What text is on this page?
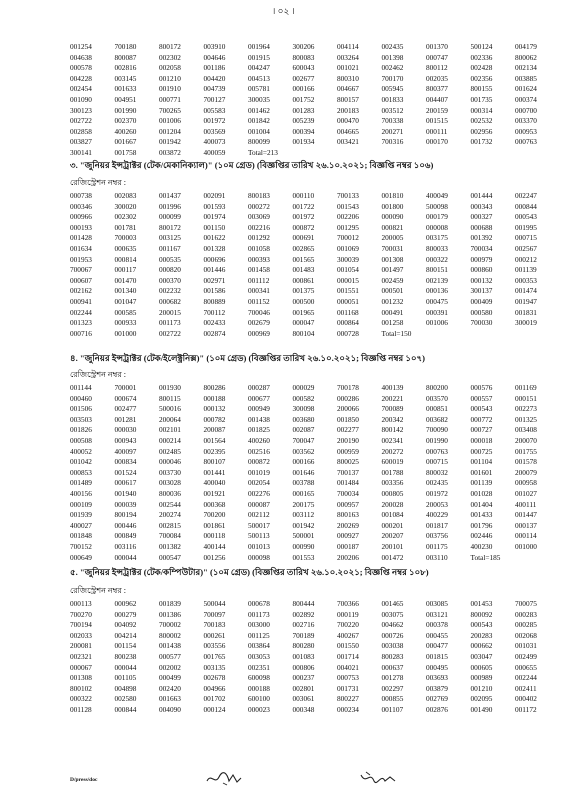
। ০২ ।
001254	700180	800172	003910	001964	300206	004114	002435	001370	500124	004179
004638	800087	002302	004646	001915	800083	003264	001398	000747	002336	800062
000578	002816	002058	001186	004247	600043	001021	002462	800112	002428	002134
004228	003145	001210	004420	004513	002677	800310	700170	002035	002356	003885
002454	001633	001910	004739	005781	000166	004667	005945	800377	800155	001624
001090	004951	000771	700127	300035	001752	800157	001833	004407	001735	000374
300123	001990	700265	005583	001462	001283	200183	003512	200159	000314	000700
002722	002370	001006	001972	001842	005239	000470	700338	001515	002532	003370
002858	400260	001204	003569	001004	000394	004665	200271	000111	002956	000953
003827	001667	001942	400073	800099	001934	003421	700316	000170	001732	000763
300141	001758	003872	400059	Total=213						
৩. "জুনিয়র ইন্সট্রাক্টর (টেক/মেকানিক্যাল)" (১০ম গ্রেড) (বিজ্ঞপ্তির তারিখ ২৬.১০.২০২১; বিজ্ঞপ্তি নম্বর ১০৬)
রেজিস্ট্রেশন নম্বর :
000738	002083	001437	002091	800183	000110	700133	001810	400049	001444	002247
000346	300020	001996	001593	000272	001722	001543	001800	500098	000343	000844
000966	002302	000099	001974	003069	001972	002206	000090	000179	000327	000543
000193	001781	800172	001150	002216	000872	001295	000821	000008	000688	001995
001428	700003	003125	001622	001292	000691	700012	200005	003175	001392	000715
001634	000635	001167	001328	001058	002865	001069	700031	800033	700034	002567
001953	000814	000535	000696	000393	001565	300039	001308	000322	000979	000212
700067	000117	000820	001446	001458	001483	001054	001497	800151	000860	001139
000607	001470	000370	002971	001112	000861	000015	002459	002139	000132	000353
002162	001340	002232	001586	000341	001375	001551	000501	000136	300137	001474
000941	001047	000682	800889	001152	000500	000051	001232	000475	000409	001947
002244	000585	200015	700112	700046	001965	001168	000491	000391	000580	001831
001323	000933	001173	002433	002679	000047	000864	001258	001006	700030	300019
000716	001000	002722	002874	000969	800104	000728	Total=150			
৪. "জুনিয়র ইন্সট্রাক্টর (টেক/ইলেক্ট্রনিক্স)" (১০ম গ্রেড) (বিজ্ঞপ্তির তারিখ ২৬.১০.২০২১; বিজ্ঞপ্তি নম্বর ১০৭)
রেজিস্ট্রেশন নম্বর :
001144	700001	001930	800286	000287	000029	700178	400139	800200	000576	001169
000460	000674	800115	000188	000677	000582	000286	200221	003570	000557	000151
001506	002477	500016	000132	000949	300098	200066	700089	000851	000543	002273
003503	001281	200064	000782	001438	003680	001850	200342	003682	000772	001325
001826	000030	002101	200087	001825	002087	002277	800142	700090	000727	003408
000508	000943	000214	001564	400260	700047	200190	002341	001990	000018	200070
400052	400097	002485	002395	002516	003562	000959	200272	000763	000725	001755
001042	000834	000046	800107	000872	000166	800025	600019	000715	001104	001578
000853	001524	003730	001441	001019	001646	700137	001788	800032	001601	200079
001489	000617	003028	400040	002054	003788	001484	003356	002435	001139	000958
400156	001940	800036	001921	002276	000165	700034	000805	001972	001028	001027
000109	000039	002544	000368	000087	200175	000957	200028	200053	001404	400111
001939	800194	200274	700200	002112	003112	800163	001084	400229	001433	001447
400027	000446	002815	001861	500017	001942	200269	000201	001817	001796	000137
001848	000849	700084	000118	500113	500001	000927	200207	003756	002446	000114
700152	003116	001382	400144	001013	000990	000187	200101	001175	400230	001000
000649	000044	000547	001256	000098	001553	200206	001472	003110	Total=185	
৫. "জুনিয়র ইন্সট্রাক্টর (টেক/কম্পিউটার)" (১০ম গ্রেড) (বিজ্ঞপ্তির তারিখ ২৬.১০.২০২১; বিজ্ঞপ্তি নম্বর ১০৮)
রেজিস্ট্রেশন নম্বর :
000113	000962	001839	500044	000678	800444	700366	001465	003085	001453	700075
700270	000279	001386	700097	001173	002892	000119	003075	003121	800092	000283
700194	004092	700002	700183	003000	002716	700220	004662	000378	000543	000285
002033	004214	800002	000261	001125	700189	400267	000726	000455	200283	002068
200081	001154	001438	003556	003864	800280	001550	003038	000477	000662	001031
002321	800238	000577	001765	003053	001083	001714	800283	001815	003047	002499
000067	000044	002002	003135	002351	000806	004021	000637	000495	000605	000655
001308	001105	000499	002678	600098	000237	000753	001278	003693	000989	002244
800102	004898	002420	004966	000188	002801	001731	002297	003879	001210	002411
000322	002580	001663	001702	600100	003061	800227	000855	002769	002095	000402
001128	000844	004090	000124	000023	000348	000234	001107	002876	001490	001172
D/press/doc
